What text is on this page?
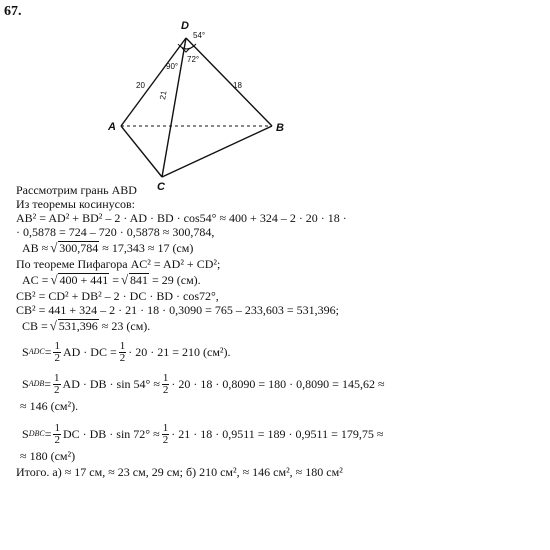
67.
D
A	B
C
20	18
21
54°
72°
90°
Рассмотрим грань ABD
Из теоремы косинусов:
AB² = AD² + BD² – 2 · AD · BD · cos54° ≈ 400 + 324 – 2 · 20 · 18 ·
· 0,5878 = 724 – 720 · 0,5878 ≈ 300,784,
AB ≈ √ 300,784 ≈ 17,343 ≈ 17 (см)
По теореме Пифагора AC² = AD² + CD²;
AC = √ 400 + 441 = √ 841 = 29 (см).
CB² = CD² + DB² – 2 · DC · BD · cos72°,
CB² = 441 + 324 – 2 · 21 · 18 · 0,3090 = 765 – 233,603 = 531,396;
CB = √ 531,396 ≈ 23 (см).
S ADC = $\frac{1}{2}$ AD · DC = $\frac{1}{2} \cdot 20 \cdot 21 = 210$ (см²).
S ADB = $\frac{1}{2}$ AD · DB · $\sin 54^\circ \approx \frac{1}{2} \cdot 20 \cdot 18 \cdot 0,8090 = 180 \cdot 0,8090 = 145,62$ ≈
≈ 146 (см²).
S DBC = $\frac{1}{2}$ DC · DB · $\sin 72^\circ \approx \frac{1}{2} \cdot 21 \cdot 18 \cdot 0,9511 = 189 \cdot 0,9511 = 179,75$ ≈
≈ 180 (см²)
Итого. а) ≈ 17 см, ≈ 23 см, 29 см; б) 210 см², ≈ 146 см², ≈ 180 см²
